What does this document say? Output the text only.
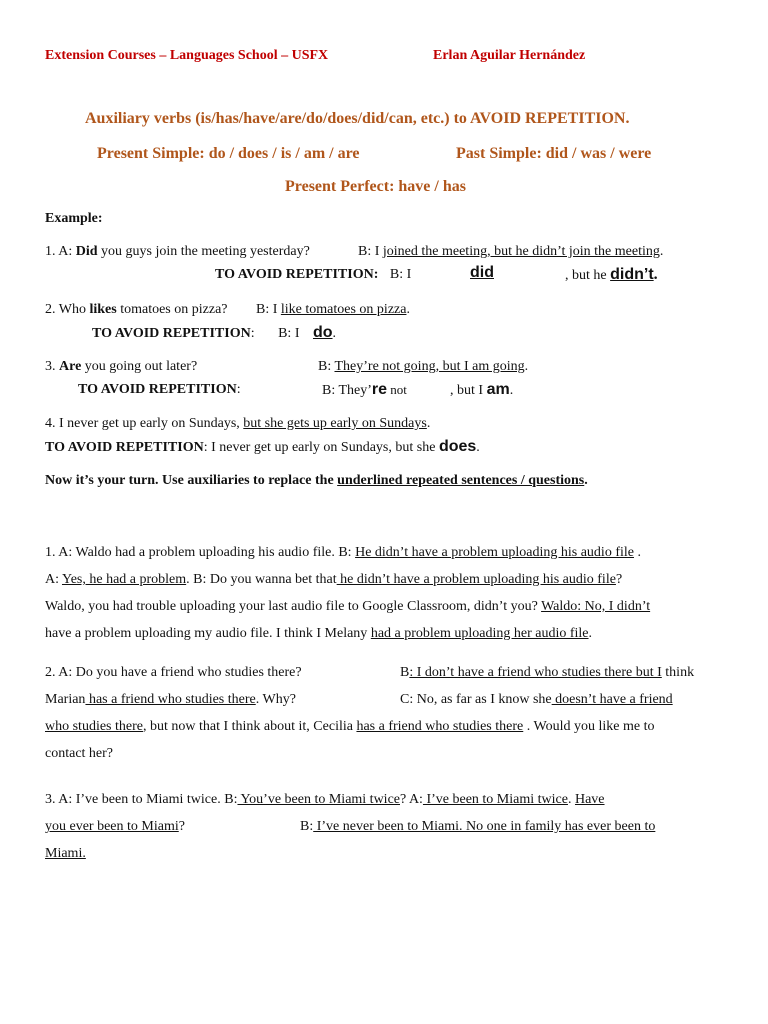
Extension Courses – Languages School – USFX	Erlan Aguilar Hernández
Auxiliary verbs (is/has/have/are/do/does/did/can, etc.) to AVOID REPETITION.
Present Simple: do / does / is / am / are	Past Simple: did / was / were
Present Perfect: have / has
Example:
1. A: Did you guys join the meeting yesterday?	B: I joined the meeting, but he didn’t join the meeting.
TO AVOID REPETITION: B: I	did	, but he didn’t.
2. Who likes tomatoes on pizza? B: I like tomatoes on pizza.
TO AVOID REPETITION: B: I do.
3. Are you going out later?	B: They’re not going, but I am going.
TO AVOID REPETITION:	B: They’re not	, but I am.
4. I never get up early on Sundays, but she gets up early on Sundays.
TO AVOID REPETITION: I never get up early on Sundays, but she does.
Now it’s your turn. Use auxiliaries to replace the underlined repeated sentences / questions.
1. A: Waldo had a problem uploading his audio file. B: He didn’t have a problem uploading his audio file .
A: Yes, he had a problem. B: Do you wanna bet that he didn’t have a problem uploading his audio file?
Waldo, you had trouble uploading your last audio file to Google Classroom, didn’t you? Waldo: No, I didn’t
have a problem uploading my audio file. I think I Melany had a problem uploading her audio file.
2. A: Do you have a friend who studies there?	B: I don’t have a friend who studies there but I think
Marian has a friend who studies there. Why?	C: No, as far as I know she doesn’t have a friend
who studies there, but now that I think about it, Cecilia has a friend who studies there . Would you like me to
contact her?
3. A: I’ve been to Miami twice. B: You’ve been to Miami twice? A: I’ve been to Miami twice. Have
you ever been to Miami?	B: I’ve never been to Miami. No one in family has ever been to
Miami.
